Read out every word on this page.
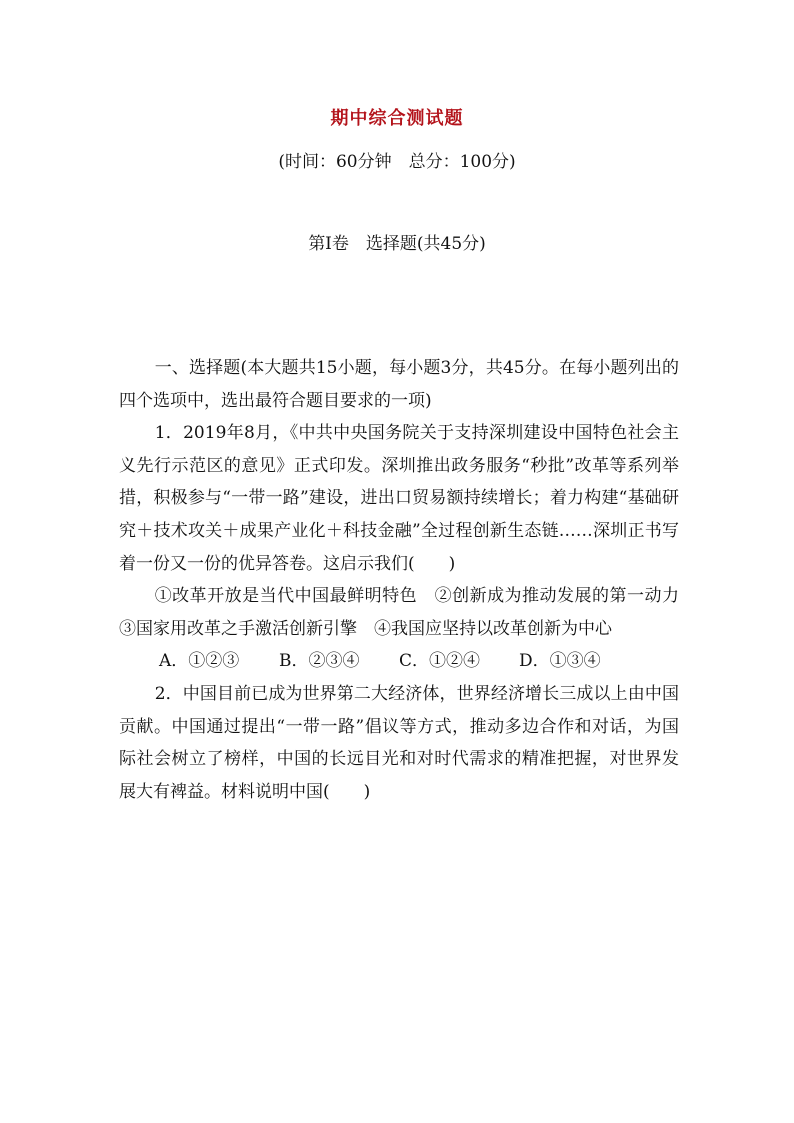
期中综合测试题
(时间：60分钟　总分：100分)
第Ⅰ卷　选择题(共45分)

一、选择题(本大题共15小题，每小题3分，共45分。在每小题列出的四个选项中，选出最符合题目要求的一项)

1．2019年8月，《中共中央国务院关于支持深圳建设中国特色社会主义先行示范区的意见》正式印发。深圳推出政务服务“秒批”改革等系列举措，积极参与“一带一路”建设，进出口贸易额持续增长；着力构建“基础研究＋技术攻关＋成果产业化＋科技金融”全过程创新生态链……深圳正书写着一份又一份的优异答卷。这启示我们(　　)

①改革开放是当代中国最鲜明特色　②创新成为推动发展的第一动力　③国家用改革之手激活创新引擎　④我国应坚持以改革创新为中心

A．①②③	B．②③④	C．①②④	D．①③④

2．中国目前已成为世界第二大经济体，世界经济增长三成以上由中国贡献。中国通过提出“一带一路”倡议等方式，推动多边合作和对话，为国际社会树立了榜样，中国的长远目光和对时代需求的精准把握，对世界发展大有裨益。材料说明中国(　　)
